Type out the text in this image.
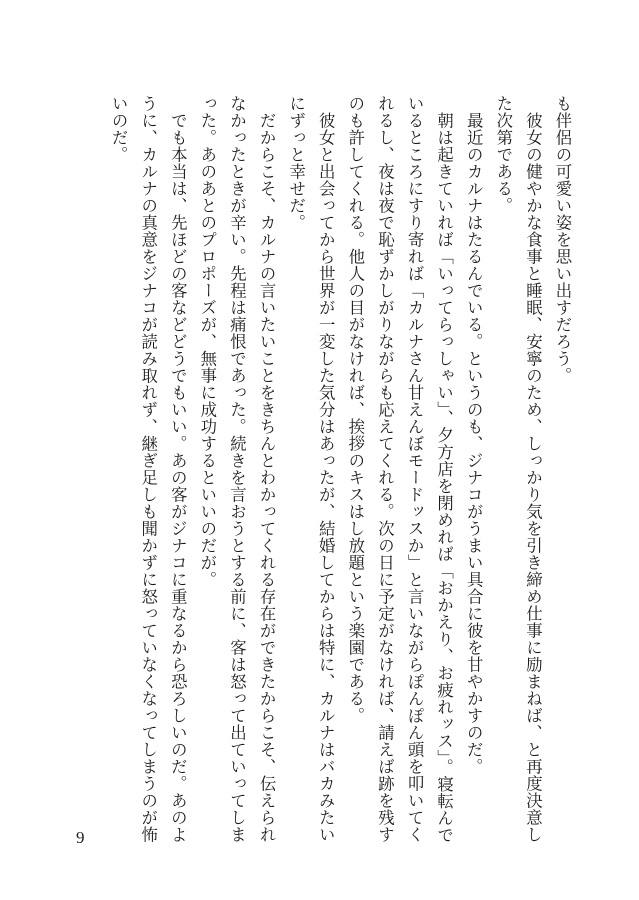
も伴侶の可愛い姿を思い出すだろう。

　彼女の健やかな食事と睡眠、安寧のため、しっかり気を引き締め仕事に励まねば、と再度決意した次第である。

　最近のカルナはたるんでいる。というのも、ジナコがうまい具合に彼を甘やかすのだ。

　朝は起きていれば「いってらっしゃい」、夕方店を閉めれば「おかえり、お疲れッス」。寝転んでいるところにすり寄れば「カルナさん甘えんぼモードッスか」と言いながらぽんぽん頭を叩いてくれるし、夜は夜で恥ずかしがりながらも応えてくれる。次の日に予定がなければ、請えば跡を残すのも許してくれる。他人の目がなければ、挨拶のキスはし放題という楽園である。

　彼女と出会ってから世界が一変した気分はあったが、結婚してからは特に、カルナはバカみたいにずっと幸せだ。

　だからこそ、カルナの言いたいことをきちんとわかってくれる存在ができたからこそ、伝えられなかったときが辛い。先程は痛恨であった。続きを言おうとする前に、客は怒って出ていってしまった。あのあとのプロポーズが、無事に成功するといいのだが。

　でも本当は、先ほどの客などどうでもいい。あの客がジナコに重なるから恐ろしいのだ。あのように、カルナの真意をジナコが読み取れず、継ぎ足しも聞かずに怒っていなくなってしまうのが怖いのだ。

9
